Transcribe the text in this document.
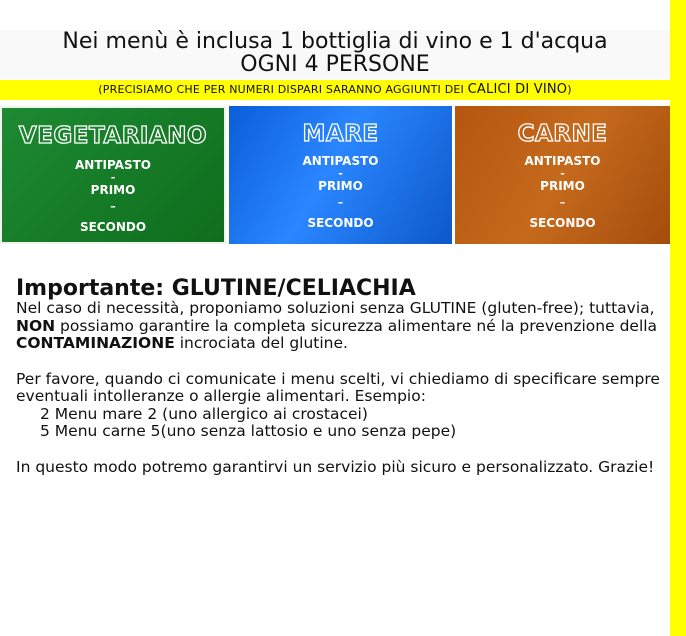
Nei menù è inclusa 1 bottiglia di vino e 1 d'acqua
OGNI 4 PERSONE
(PRECISIAMO CHE PER NUMERI DISPARI SARANNO AGGIUNTI DEI CALICI DI VINO)
VEGETARIANO
ANTIPASTO
-
PRIMO
–
SECONDO
MARE
ANTIPASTO
-
PRIMO
–
SECONDO
CARNE
ANTIPASTO
-
PRIMO
–
SECONDO
Importante: GLUTINE/CELIACHIA

Nel caso di necessità, proponiamo soluzioni senza GLUTINE (gluten-free); tuttavia, NON possiamo garantire la completa sicurezza alimentare né la prevenzione della CONTAMINAZIONE incrociata del glutine.

Per favore, quando ci comunicate i menu scelti, vi chiediamo di specificare sempre eventuali intolleranze o allergie alimentari. Esempio:

2 Menu mare 2 (uno allergico ai crostacei)

5 Menu carne 5(uno senza lattosio e uno senza pepe)

In questo modo potremo garantirvi un servizio più sicuro e personalizzato. Grazie!
